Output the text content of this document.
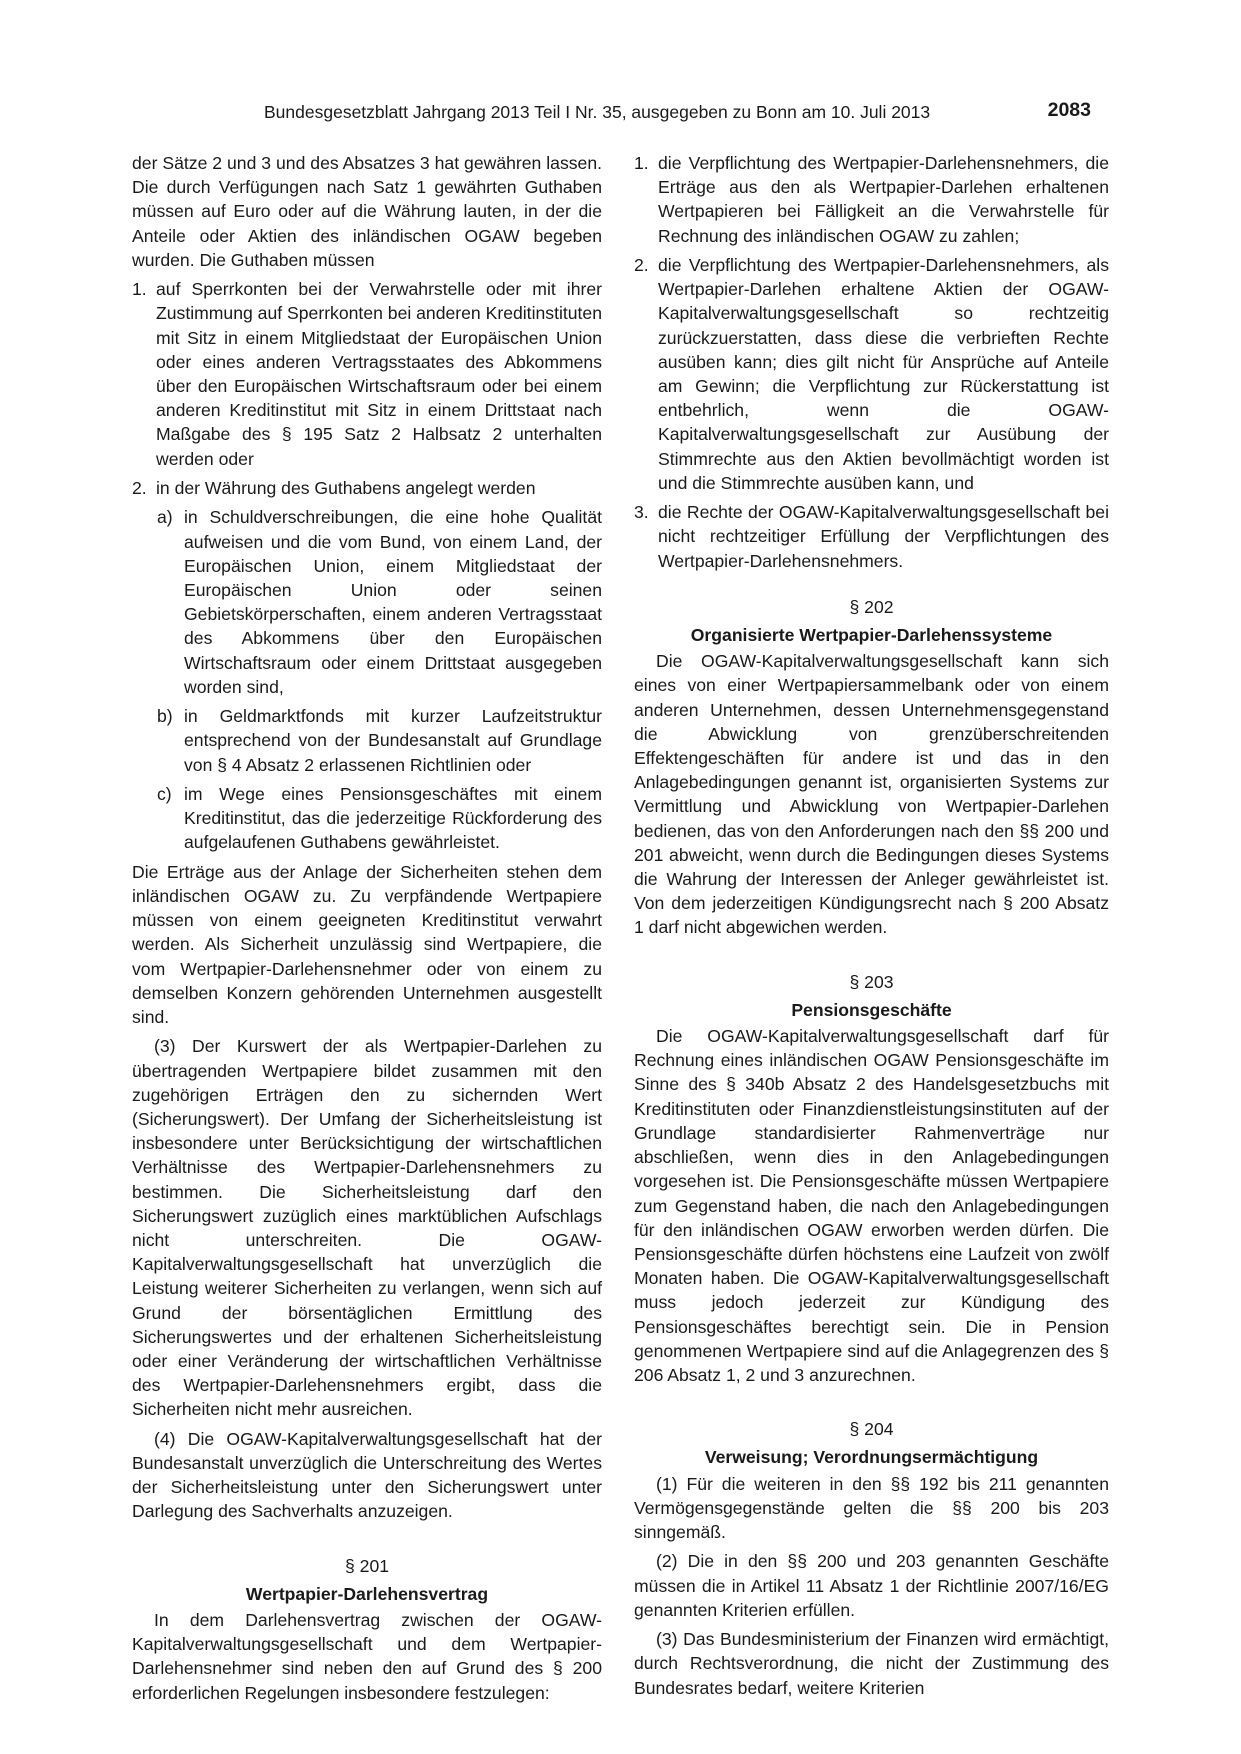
Bundesgesetzblatt Jahrgang 2013 Teil I Nr. 35, ausgegeben zu Bonn am 10. Juli 2013	2083

der Sätze 2 und 3 und des Absatzes 3 hat gewähren lassen. Die durch Verfügungen nach Satz 1 gewährten Guthaben müssen auf Euro oder auf die Währung lauten, in der die Anteile oder Aktien des inländischen OGAW begeben wurden. Die Guthaben müssen

1. auf Sperrkonten bei der Verwahrstelle oder mit ihrer Zustimmung auf Sperrkonten bei anderen Kreditinstituten mit Sitz in einem Mitgliedstaat der Europäischen Union oder eines anderen Vertragsstaates des Abkommens über den Europäischen Wirtschaftsraum oder bei einem anderen Kreditinstitut mit Sitz in einem Drittstaat nach Maßgabe des § 195 Satz 2 Halbsatz 2 unterhalten werden oder
2. in der Währung des Guthabens angelegt werden
a) in Schuldverschreibungen, die eine hohe Qualität aufweisen und die vom Bund, von einem Land, der Europäischen Union, einem Mitgliedstaat der Europäischen Union oder seinen Gebietskörperschaften, einem anderen Vertragsstaat des Abkommens über den Europäischen Wirtschaftsraum oder einem Drittstaat ausgegeben worden sind,
b) in Geldmarktfonds mit kurzer Laufzeitstruktur entsprechend von der Bundesanstalt auf Grundlage von § 4 Absatz 2 erlassenen Richtlinien oder
c) im Wege eines Pensionsgeschäftes mit einem Kreditinstitut, das die jederzeitige Rückforderung des aufgelaufenen Guthabens gewährleistet.

Die Erträge aus der Anlage der Sicherheiten stehen dem inländischen OGAW zu. Zu verpfändende Wertpapiere müssen von einem geeigneten Kreditinstitut verwahrt werden. Als Sicherheit unzulässig sind Wertpapiere, die vom Wertpapier-Darlehensnehmer oder von einem zu demselben Konzern gehörenden Unternehmen ausgestellt sind.

(3) Der Kurswert der als Wertpapier-Darlehen zu übertragenden Wertpapiere bildet zusammen mit den zugehörigen Erträgen den zu sichernden Wert (Sicherungswert). Der Umfang der Sicherheitsleistung ist insbesondere unter Berücksichtigung der wirtschaftlichen Verhältnisse des Wertpapier-Darlehensnehmers zu bestimmen. Die Sicherheitsleistung darf den Sicherungswert zuzüglich eines marktüblichen Aufschlags nicht unterschreiten. Die OGAW-Kapitalverwaltungsgesellschaft hat unverzüglich die Leistung weiterer Sicherheiten zu verlangen, wenn sich auf Grund der börsentäglichen Ermittlung des Sicherungswertes und der erhaltenen Sicherheitsleistung oder einer Veränderung der wirtschaftlichen Verhältnisse des Wertpapier-Darlehensnehmers ergibt, dass die Sicherheiten nicht mehr ausreichen.

(4) Die OGAW-Kapitalverwaltungsgesellschaft hat der Bundesanstalt unverzüglich die Unterschreitung des Wertes der Sicherheitsleistung unter den Sicherungswert unter Darlegung des Sachverhalts anzuzeigen.

§ 201
Wertpapier-Darlehensvertrag

In dem Darlehensvertrag zwischen der OGAW-Kapitalverwaltungsgesellschaft und dem Wertpapier-Darlehensnehmer sind neben den auf Grund des § 200 erforderlichen Regelungen insbesondere festzulegen:

1. die Verpflichtung des Wertpapier-Darlehensnehmers, die Erträge aus den als Wertpapier-Darlehen erhaltenen Wertpapieren bei Fälligkeit an die Verwahrstelle für Rechnung des inländischen OGAW zu zahlen;
2. die Verpflichtung des Wertpapier-Darlehensnehmers, als Wertpapier-Darlehen erhaltene Aktien der OGAW-Kapitalverwaltungsgesellschaft so rechtzeitig zurückzuerstatten, dass diese die verbrieften Rechte ausüben kann; dies gilt nicht für Ansprüche auf Anteile am Gewinn; die Verpflichtung zur Rückerstattung ist entbehrlich, wenn die OGAW-Kapitalverwaltungsgesellschaft zur Ausübung der Stimmrechte aus den Aktien bevollmächtigt worden ist und die Stimmrechte ausüben kann, und
3. die Rechte der OGAW-Kapitalverwaltungsgesellschaft bei nicht rechtzeitiger Erfüllung der Verpflichtungen des Wertpapier-Darlehensnehmers.
§ 202
Organisierte Wertpapier-Darlehenssysteme

Die OGAW-Kapitalverwaltungsgesellschaft kann sich eines von einer Wertpapiersammelbank oder von einem anderen Unternehmen, dessen Unternehmensgegenstand die Abwicklung von grenzüberschreitenden Effektengeschäften für andere ist und das in den Anlagebedingungen genannt ist, organisierten Systems zur Vermittlung und Abwicklung von Wertpapier-Darlehen bedienen, das von den Anforderungen nach den §§ 200 und 201 abweicht, wenn durch die Bedingungen dieses Systems die Wahrung der Interessen der Anleger gewährleistet ist. Von dem jederzeitigen Kündigungsrecht nach § 200 Absatz 1 darf nicht abgewichen werden.

§ 203
Pensionsgeschäfte

Die OGAW-Kapitalverwaltungsgesellschaft darf für Rechnung eines inländischen OGAW Pensionsgeschäfte im Sinne des § 340b Absatz 2 des Handelsgesetzbuchs mit Kreditinstituten oder Finanzdienstleistungsinstituten auf der Grundlage standardisierter Rahmenverträge nur abschließen, wenn dies in den Anlagebedingungen vorgesehen ist. Die Pensionsgeschäfte müssen Wertpapiere zum Gegenstand haben, die nach den Anlagebedingungen für den inländischen OGAW erworben werden dürfen. Die Pensionsgeschäfte dürfen höchstens eine Laufzeit von zwölf Monaten haben. Die OGAW-Kapitalverwaltungsgesellschaft muss jedoch jederzeit zur Kündigung des Pensionsgeschäftes berechtigt sein. Die in Pension genommenen Wertpapiere sind auf die Anlagegrenzen des § 206 Absatz 1, 2 und 3 anzurechnen.

§ 204
Verweisung; Verordnungsermächtigung

(1) Für die weiteren in den §§ 192 bis 211 genannten Vermögensgegenstände gelten die §§ 200 bis 203 sinngemäß.

(2) Die in den §§ 200 und 203 genannten Geschäfte müssen die in Artikel 11 Absatz 1 der Richtlinie 2007/16/EG genannten Kriterien erfüllen.

(3) Das Bundesministerium der Finanzen wird ermächtigt, durch Rechtsverordnung, die nicht der Zustimmung des Bundesrates bedarf, weitere Kriterien
